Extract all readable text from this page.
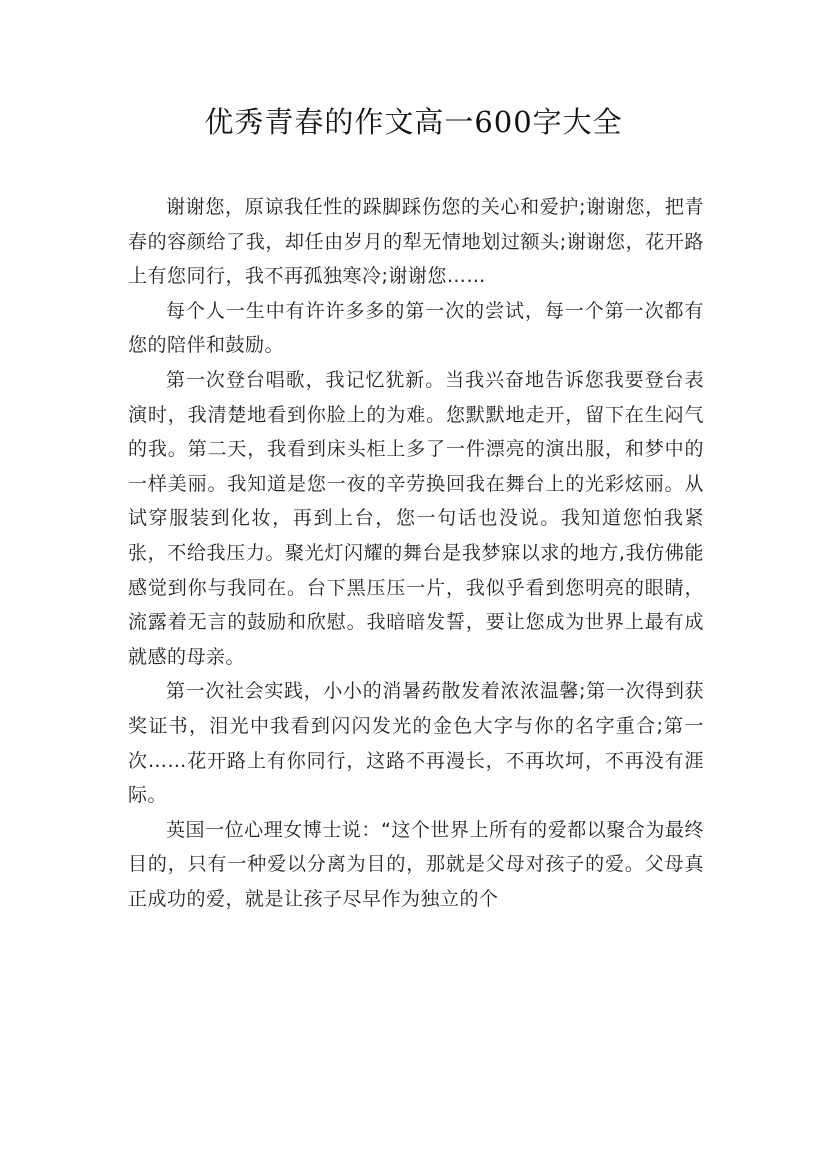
优秀青春的作文高一600字大全

谢谢您，原谅我任性的跺脚踩伤您的关心和爱护;谢谢您，把青春的容颜给了我，却任由岁月的犁无情地划过额头;谢谢您，花开路上有您同行，我不再孤独寒冷;谢谢您……

每个人一生中有许许多多的第一次的尝试，每一个第一次都有您的陪伴和鼓励。

第一次登台唱歌，我记忆犹新。当我兴奋地告诉您我要登台表演时，我清楚地看到你脸上的为难。您默默地走开，留下在生闷气的我。第二天，我看到床头柜上多了一件漂亮的演出服，和梦中的一样美丽。我知道是您一夜的辛劳换回我在舞台上的光彩炫丽。从试穿服装到化妆，再到上台，您一句话也没说。我知道您怕我紧张，不给我压力。聚光灯闪耀的舞台是我梦寐以求的地方,我仿佛能感觉到你与我同在。台下黑压压一片，我似乎看到您明亮的眼睛，流露着无言的鼓励和欣慰。我暗暗发誓，要让您成为世界上最有成就感的母亲。

第一次社会实践，小小的消暑药散发着浓浓温馨;第一次得到获奖证书，泪光中我看到闪闪发光的金色大字与你的名字重合;第一次……花开路上有你同行，这路不再漫长，不再坎坷，不再没有涯际。

英国一位心理女博士说：“这个世界上所有的爱都以聚合为最终目的，只有一种爱以分离为目的，那就是父母对孩子的爱。父母真正成功的爱，就是让孩子尽早作为独立的个
